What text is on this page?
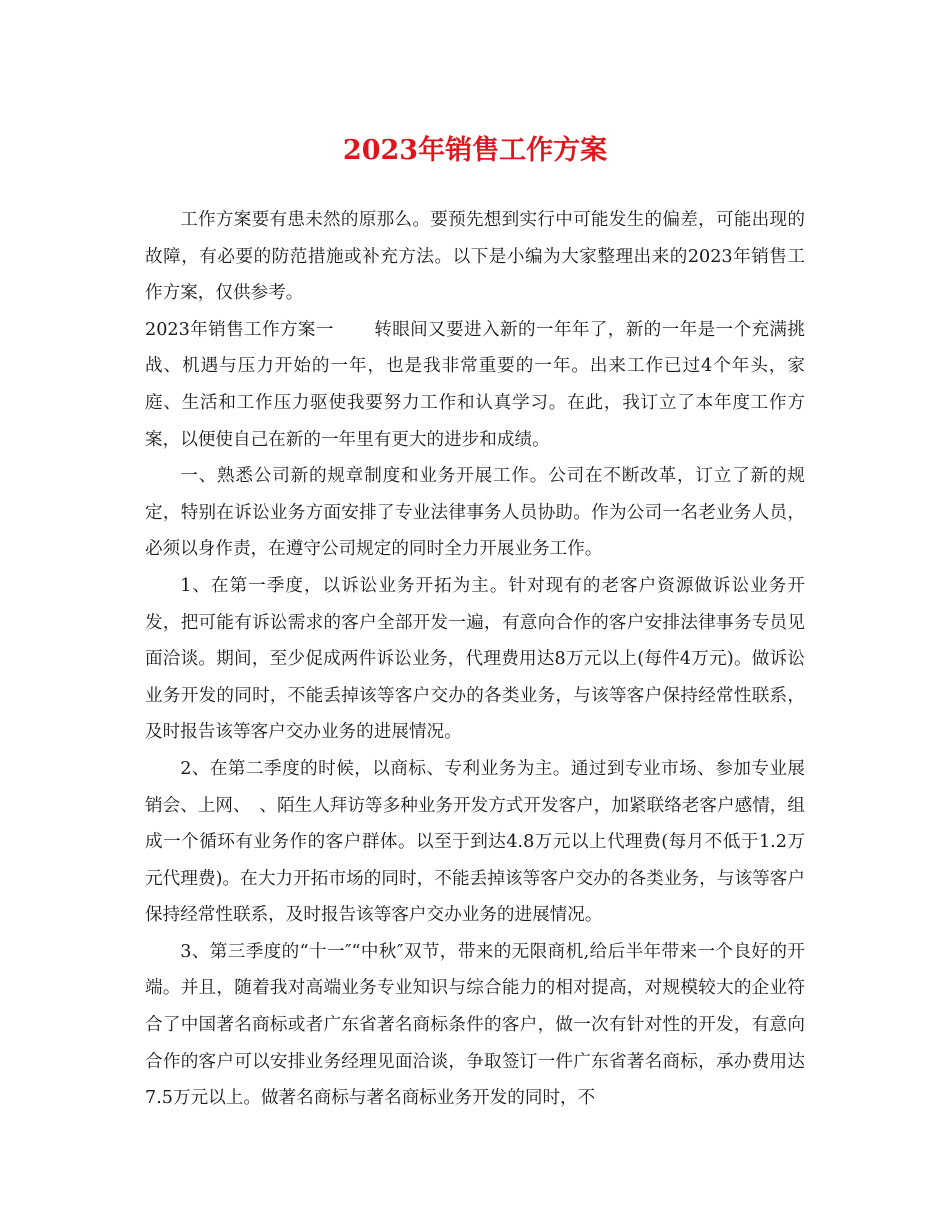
2023年销售工作方案

工作方案要有患未然的原那么。要预先想到实行中可能发生的偏差，可能出现的故障，有必要的防范措施或补充方法。以下是小编为大家整理出来的2023年销售工作方案，仅供参考。

2023年销售工作方案一 转眼间又要进入新的一年年了，新的一年是一个充满挑战、机遇与压力开始的一年，也是我非常重要的一年。出来工作已过4个年头，家庭、生活和工作压力驱使我要努力工作和认真学习。在此，我订立了本年度工作方案，以便使自己在新的一年里有更大的进步和成绩。

一、熟悉公司新的规章制度和业务开展工作。公司在不断改革，订立了新的规定，特别在诉讼业务方面安排了专业法律事务人员协助。作为公司一名老业务人员，必须以身作责，在遵守公司规定的同时全力开展业务工作。

1、在第一季度，以诉讼业务开拓为主。针对现有的老客户资源做诉讼业务开发，把可能有诉讼需求的客户全部开发一遍，有意向合作的客户安排法律事务专员见面洽谈。期间，至少促成两件诉讼业务，代理费用达8万元以上(每件4万元)。做诉讼业务开发的同时，不能丢掉该等客户交办的各类业务，与该等客户保持经常性联系，及时报告该等客户交办业务的进展情况。

2、在第二季度的时候，以商标、专利业务为主。通过到专业市场、参加专业展销会、上网、　、陌生人拜访等多种业务开发方式开发客户，加紧联络老客户感情，组成一个循环有业务作的客户群体。以至于到达4.8万元以上代理费(每月不低于1.2万元代理费)。在大力开拓市场的同时，不能丢掉该等客户交办的各类业务，与该等客户保持经常性联系，及时报告该等客户交办业务的进展情况。

3、第三季度的“十一″“中秋″双节，带来的无限商机,给后半年带来一个良好的开端。并且，随着我对高端业务专业知识与综合能力的相对提高，对规模较大的企业符合了中国著名商标或者广东省著名商标条件的客户，做一次有针对性的开发，有意向合作的客户可以安排业务经理见面洽谈，争取签订一件广东省著名商标，承办费用达7.5万元以上。做著名商标与著名商标业务开发的同时，不
